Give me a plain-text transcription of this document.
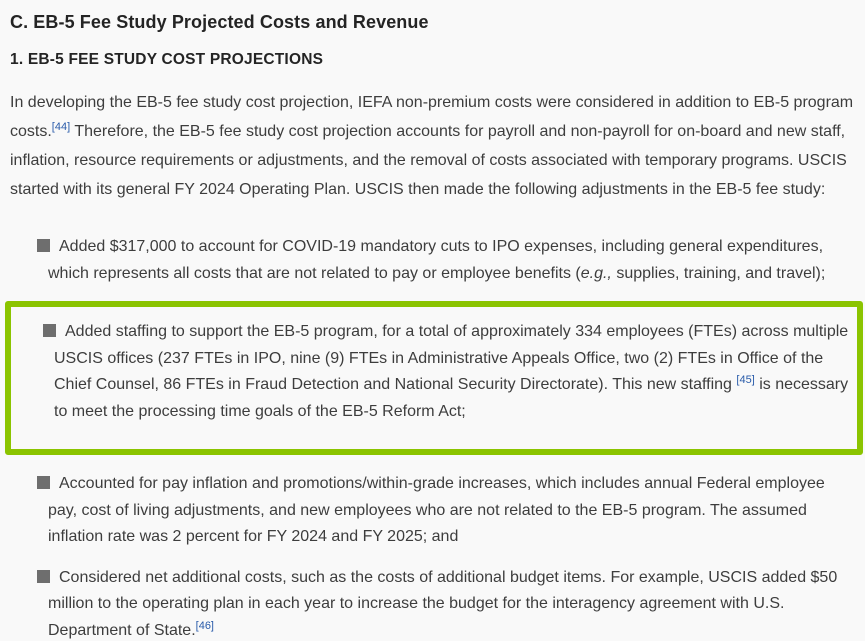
C. EB-5 Fee Study Projected Costs and Revenue
1. EB-5 FEE STUDY COST PROJECTIONS

In developing the EB-5 fee study cost projection, IEFA non-premium costs were considered in addition to EB-5 program costs.[44] Therefore, the EB-5 fee study cost projection accounts for payroll and non-payroll for on-board and new staff, inflation, resource requirements or adjustments, and the removal of costs associated with temporary programs. USCIS started with its general FY 2024 Operating Plan. USCIS then made the following adjustments in the EB-5 fee study:

Added $317,000 to account for COVID-19 mandatory cuts to IPO expenses, including general expenditures, which represents all costs that are not related to pay or employee benefits (e.g., supplies, training, and travel);
Added staffing to support the EB-5 program, for a total of approximately 334 employees (FTEs) across multiple USCIS offices (237 FTEs in IPO, nine (9) FTEs in Administrative Appeals Office, two (2) FTEs in Office of the Chief Counsel, 86 FTEs in Fraud Detection and National Security Directorate). This new staffing [45] is necessary to meet the processing time goals of the EB-5 Reform Act;
Accounted for pay inflation and promotions/within-grade increases, which includes annual Federal employee pay, cost of living adjustments, and new employees who are not related to the EB-5 program. The assumed inflation rate was 2 percent for FY 2024 and FY 2025; and
Considered net additional costs, such as the costs of additional budget items. For example, USCIS added $50 million to the operating plan in each year to increase the budget for the interagency agreement with U.S. Department of State.[46]
